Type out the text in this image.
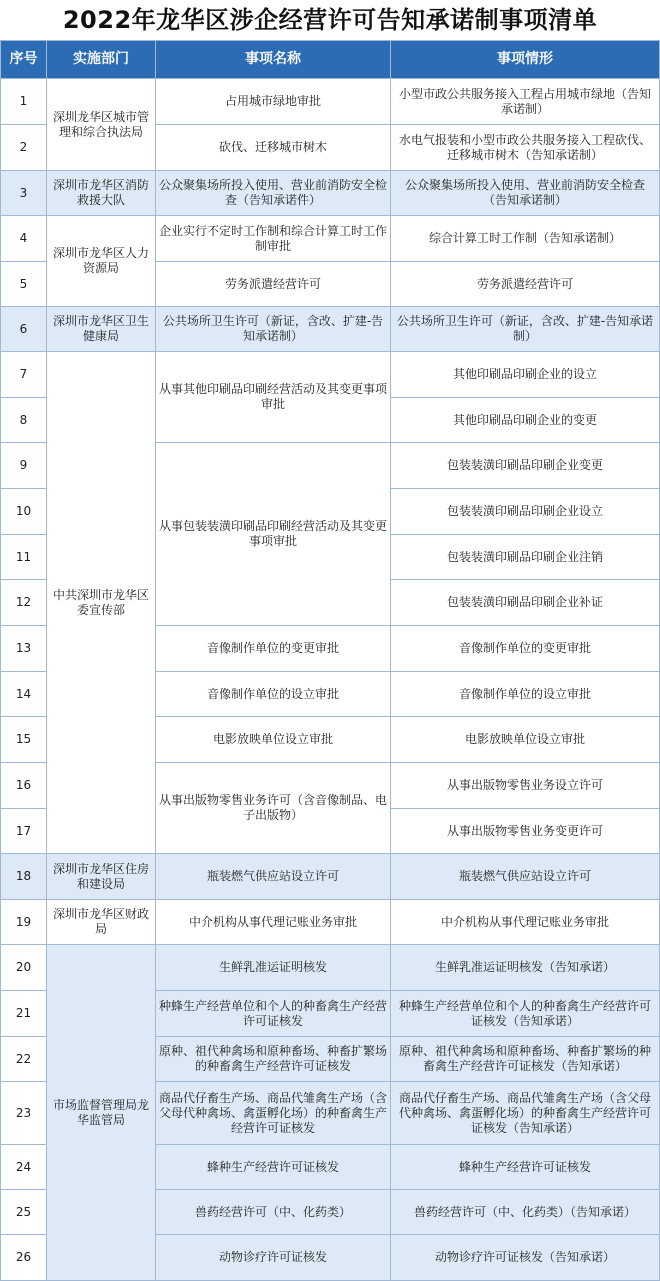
2022年龙华区涉企经营许可告知承诺制事项清单
序号	实施部门	事项名称	事项情形
1	深圳龙华区城市管理和综合执法局	占用城市绿地审批	小型市政公共服务接入工程占用城市绿地（告知承诺制）
2		砍伐、迁移城市树木	水电气报装和小型市政公共服务接入工程砍伐、迁移城市树木（告知承诺制）
3	深圳市龙华区消防救援大队	公众聚集场所投入使用、营业前消防安全检查（告知承诺件）	公众聚集场所投入使用、营业前消防安全检查（告知承诺制）
4	深圳市龙华区人力资源局	企业实行不定时工作制和综合计算工时工作制审批	综合计算工时工作制（告知承诺制）
5		劳务派遣经营许可	劳务派遣经营许可
6	深圳市龙华区卫生健康局	公共场所卫生许可（新证，含改、扩建-告知承诺制）	公共场所卫生许可（新证，含改、扩建-告知承诺制）
7	中共深圳市龙华区委宣传部	从事其他印刷品印刷经营活动及其变更事项审批	其他印刷品印刷企业的设立
8			其他印刷品印刷企业的变更
9		从事包装装潢印刷品印刷经营活动及其变更事项审批	包装装潢印刷品印刷企业变更
10			包装装潢印刷品印刷企业设立
11			包装装潢印刷品印刷企业注销
12			包装装潢印刷品印刷企业补证
13		音像制作单位的变更审批	音像制作单位的变更审批
14		音像制作单位的设立审批	音像制作单位的设立审批
15		电影放映单位设立审批	电影放映单位设立审批
16		从事出版物零售业务许可（含音像制品、电子出版物）	从事出版物零售业务设立许可
17			从事出版物零售业务变更许可
18	深圳市龙华区住房和建设局	瓶装燃气供应站设立许可	瓶装燃气供应站设立许可
19	深圳市龙华区财政局	中介机构从事代理记账业务审批	中介机构从事代理记账业务审批
20	市场监督管理局龙华监管局	生鲜乳准运证明核发	生鲜乳准运证明核发（告知承诺）
21		种蜂生产经营单位和个人的种畜禽生产经营许可证核发	种蜂生产经营单位和个人的种畜禽生产经营许可证核发（告知承诺）
22		原种、祖代种禽场和原种畜场、种畜扩繁场的种畜禽生产经营许可证核发	原种、祖代种禽场和原种畜场、种畜扩繁场的种畜禽生产经营许可证核发（告知承诺）
23		商品代仔畜生产场、商品代雏禽生产场（含父母代种禽场、禽蛋孵化场）的种畜禽生产经营许可证核发	商品代仔畜生产场、商品代雏禽生产场（含父母代种禽场、禽蛋孵化场）的种畜禽生产经营许可证核发（告知承诺）
24		蜂种生产经营许可证核发	蜂种生产经营许可证核发
25		兽药经营许可（中、化药类）	兽药经营许可（中、化药类）（告知承诺）
26		动物诊疗许可证核发	动物诊疗许可证核发（告知承诺）
